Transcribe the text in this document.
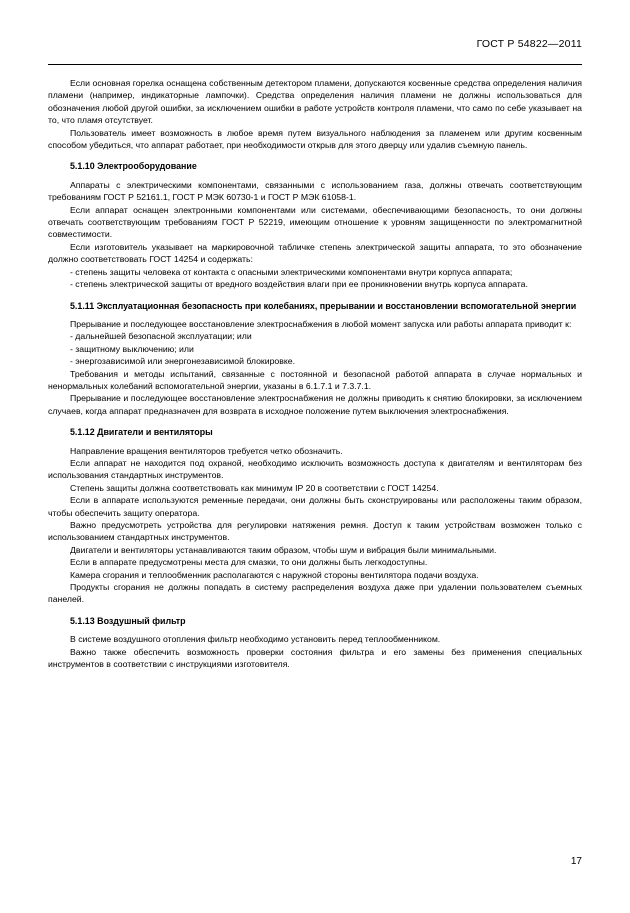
ГОСТ Р 54822—2011

Если основная горелка оснащена собственным детектором пламени, допускаются косвенные средства определения наличия пламени (например, индикаторные лампочки). Средства определения наличия пламени не должны использоваться для обозначения любой другой ошибки, за исключением ошибки в работе устройств контроля пламени, что само по себе указывает на то, что пламя отсутствует.

Пользователь имеет возможность в любое время путем визуального наблюдения за пламенем или другим косвенным способом убедиться, что аппарат работает, при необходимости открыв для этого дверцу или удалив съемную панель.

5.1.10 Электрооборудование

Аппараты с электрическими компонентами, связанными с использованием газа, должны отвечать соответствующим требованиям ГОСТ Р 52161.1, ГОСТ Р МЭК 60730-1 и ГОСТ Р МЭК 61058-1.

Если аппарат оснащен электронными компонентами или системами, обеспечивающими безопасность, то они должны отвечать соответствующим требованиям ГОСТ Р 52219, имеющим отношение к уровням защищенности по электромагнитной совместимости.

Если изготовитель указывает на маркировочной табличке степень электрической защиты аппарата, то это обозначение должно соответствовать ГОСТ 14254 и содержать:

- степень защиты человека от контакта с опасными электрическими компонентами внутри корпуса аппарата;

- степень электрической защиты от вредного воздействия влаги при ее проникновении внутрь корпуса аппарата.

5.1.11 Эксплуатационная безопасность при колебаниях, прерывании и восстановлении вспомогательной энергии

Прерывание и последующее восстановление электроснабжения в любой момент запуска или работы аппарата приводит к:

- дальнейшей безопасной эксплуатации; или

- защитному выключению; или

- энергозависимой или энергонезависимой блокировке.

Требования и методы испытаний, связанные с постоянной и безопасной работой аппарата в случае нормальных и ненормальных колебаний вспомогательной энергии, указаны в 6.1.7.1 и 7.3.7.1.

Прерывание и последующее восстановление электроснабжения не должны приводить к снятию блокировки, за исключением случаев, когда аппарат предназначен для возврата в исходное положение путем выключения электроснабжения.

5.1.12 Двигатели и вентиляторы

Направление вращения вентиляторов требуется четко обозначить.

Если аппарат не находится под охраной, необходимо исключить возможность доступа к двигателям и вентиляторам без использования стандартных инструментов.

Степень защиты должна соответствовать как минимум IP 20 в соответствии с ГОСТ 14254.

Если в аппарате используются ременные передачи, они должны быть сконструированы или расположены таким образом, чтобы обеспечить защиту оператора.

Важно предусмотреть устройства для регулировки натяжения ремня. Доступ к таким устройствам возможен только с использованием стандартных инструментов.

Двигатели и вентиляторы устанавливаются таким образом, чтобы шум и вибрация были минимальными.

Если в аппарате предусмотрены места для смазки, то они должны быть легкодоступны.

Камера сгорания и теплообменник располагаются с наружной стороны вентилятора подачи воздуха.

Продукты сгорания не должны попадать в систему распределения воздуха даже при удалении пользователем съемных панелей.

5.1.13 Воздушный фильтр

В системе воздушного отопления фильтр необходимо установить перед теплообменником.

Важно также обеспечить возможность проверки состояния фильтра и его замены без применения специальных инструментов в соответствии с инструкциями изготовителя.

17
